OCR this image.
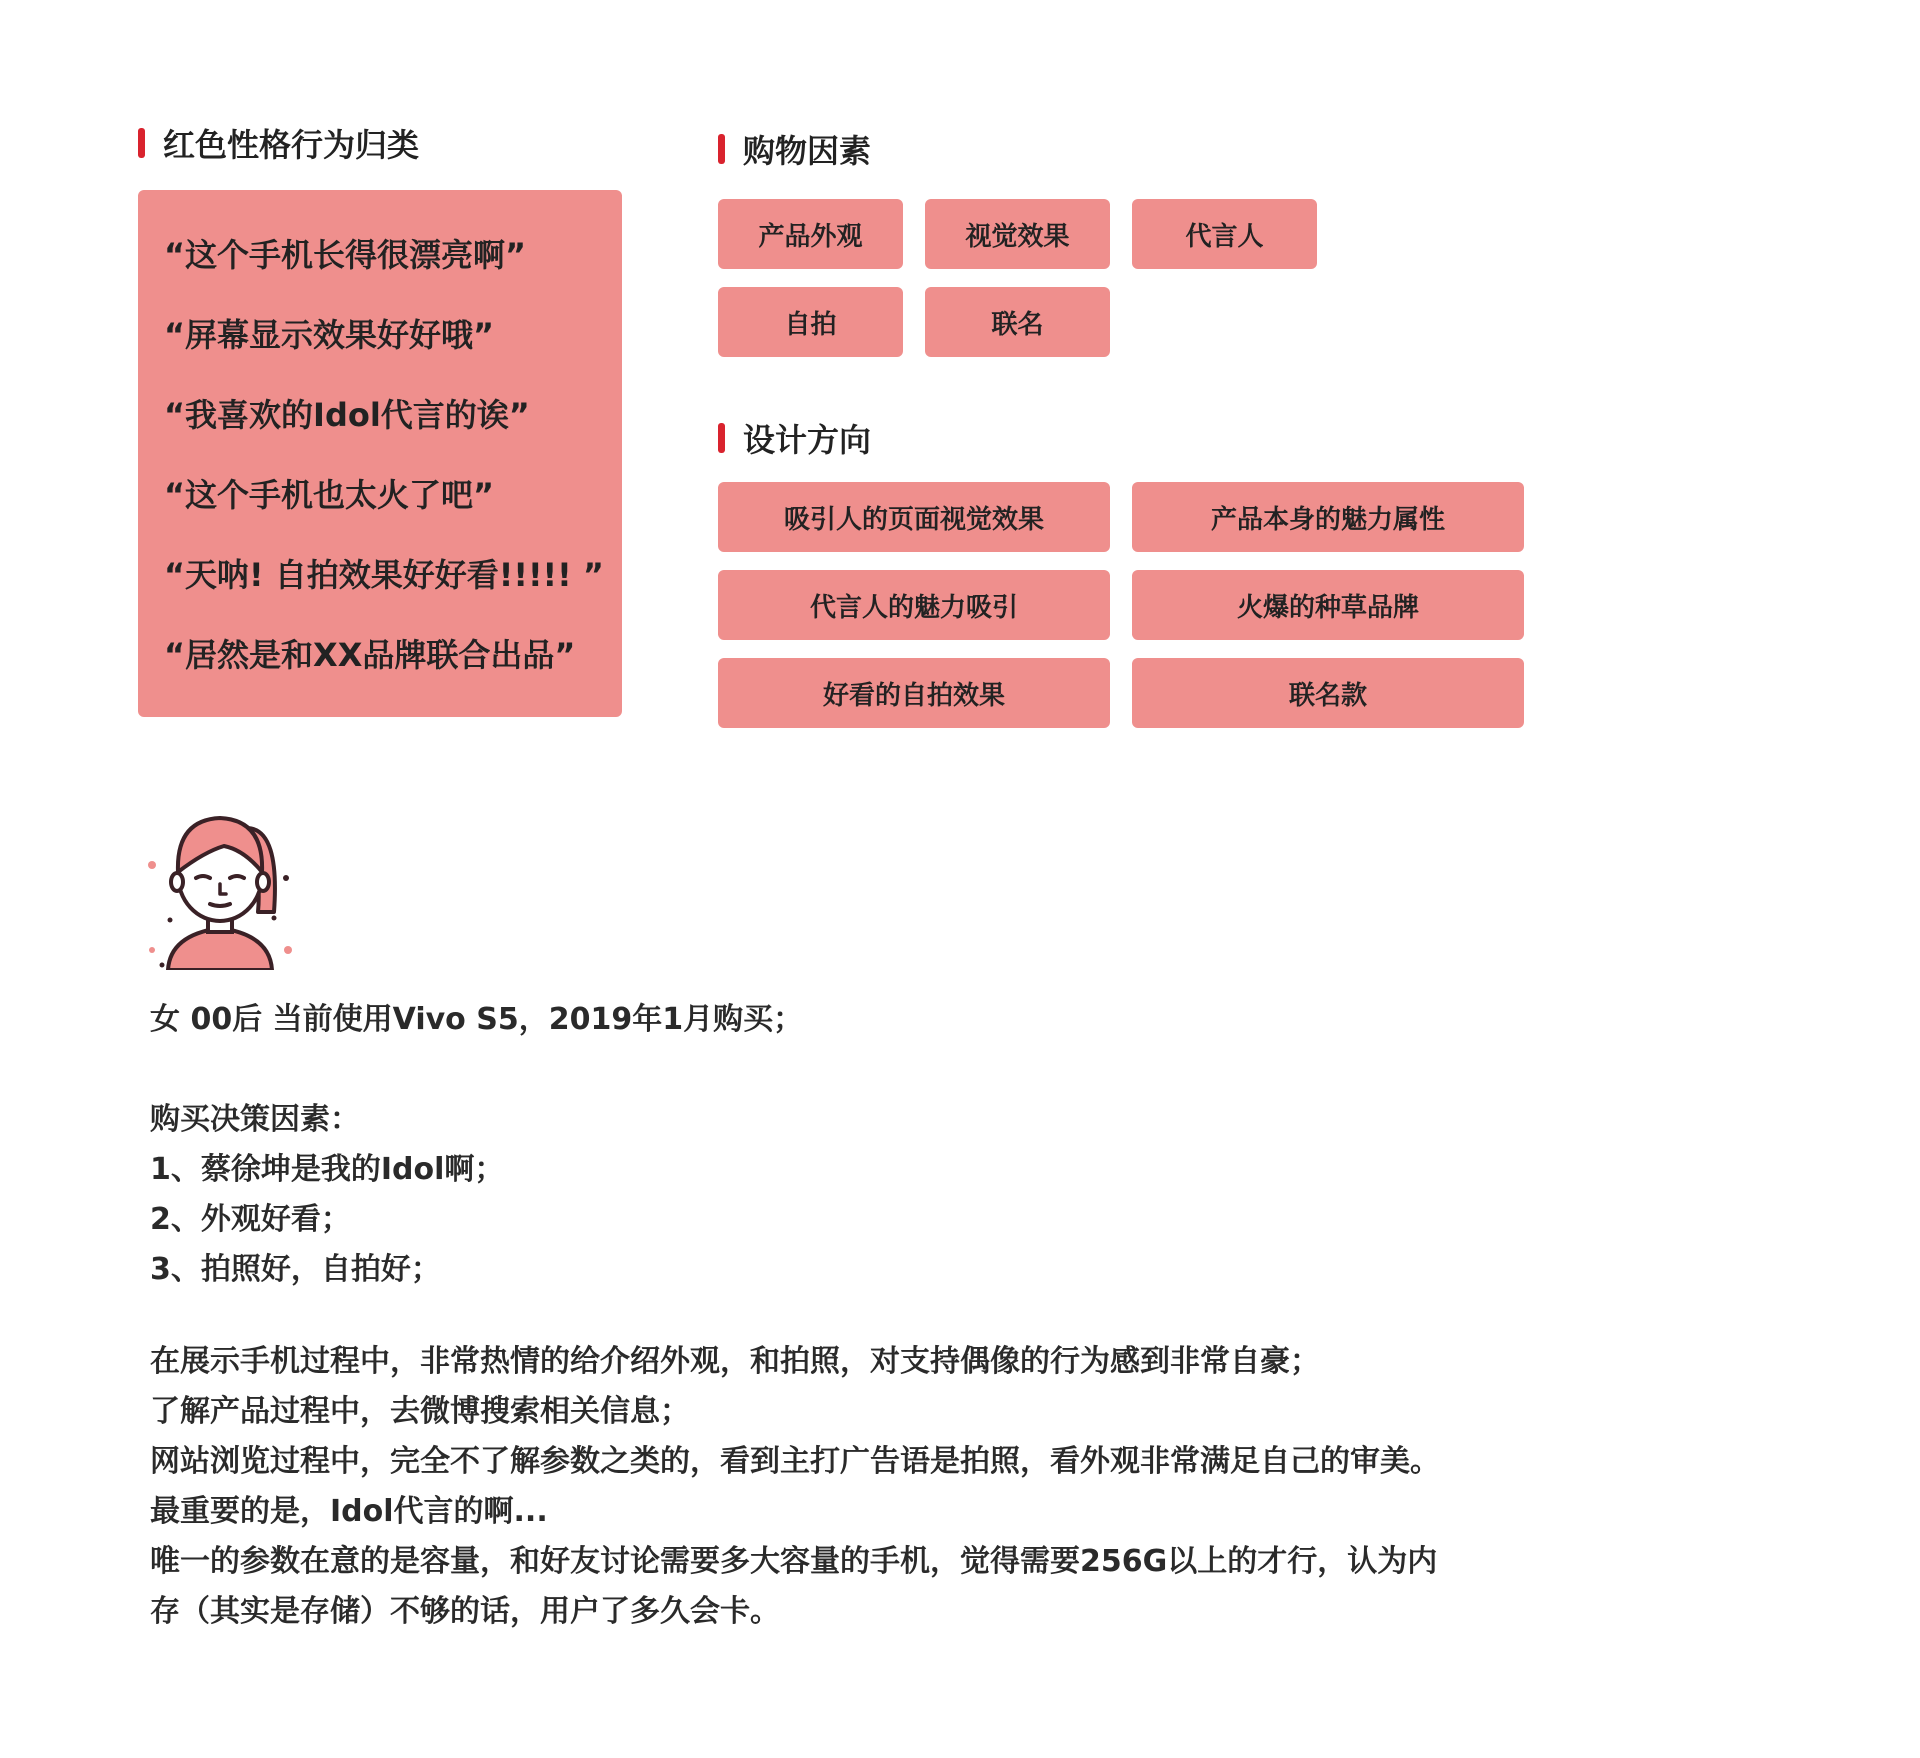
红色性格行为归类
“这个手机长得很漂亮啊”
“屏幕显示效果好好哦”
“我喜欢的Idol代言的诶”
“这个手机也太火了吧”
“天呐! 自拍效果好好看!!!!! ”
“居然是和XX品牌联合出品”
购物因素
产品外观	视觉效果	代言人
自拍	联名
设计方向
吸引人的页面视觉效果	产品本身的魅力属性
代言人的魅力吸引	火爆的种草品牌
好看的自拍效果	联名款
女 00后 当前使用Vivo S5，2019年1月购买；
购买决策因素：
1、蔡徐坤是我的Idol啊；
2、外观好看；
3、拍照好，自拍好；
在展示手机过程中，非常热情的给介绍外观，和拍照，对支持偶像的行为感到非常自豪；
了解产品过程中，去微博搜索相关信息；
网站浏览过程中，完全不了解参数之类的，看到主打广告语是拍照，看外观非常满足自己的审美。
最重要的是，Idol代言的啊...
唯一的参数在意的是容量，和好友讨论需要多大容量的手机，觉得需要256G以上的才行，认为内
存（其实是存储）不够的话，用户了多久会卡。
